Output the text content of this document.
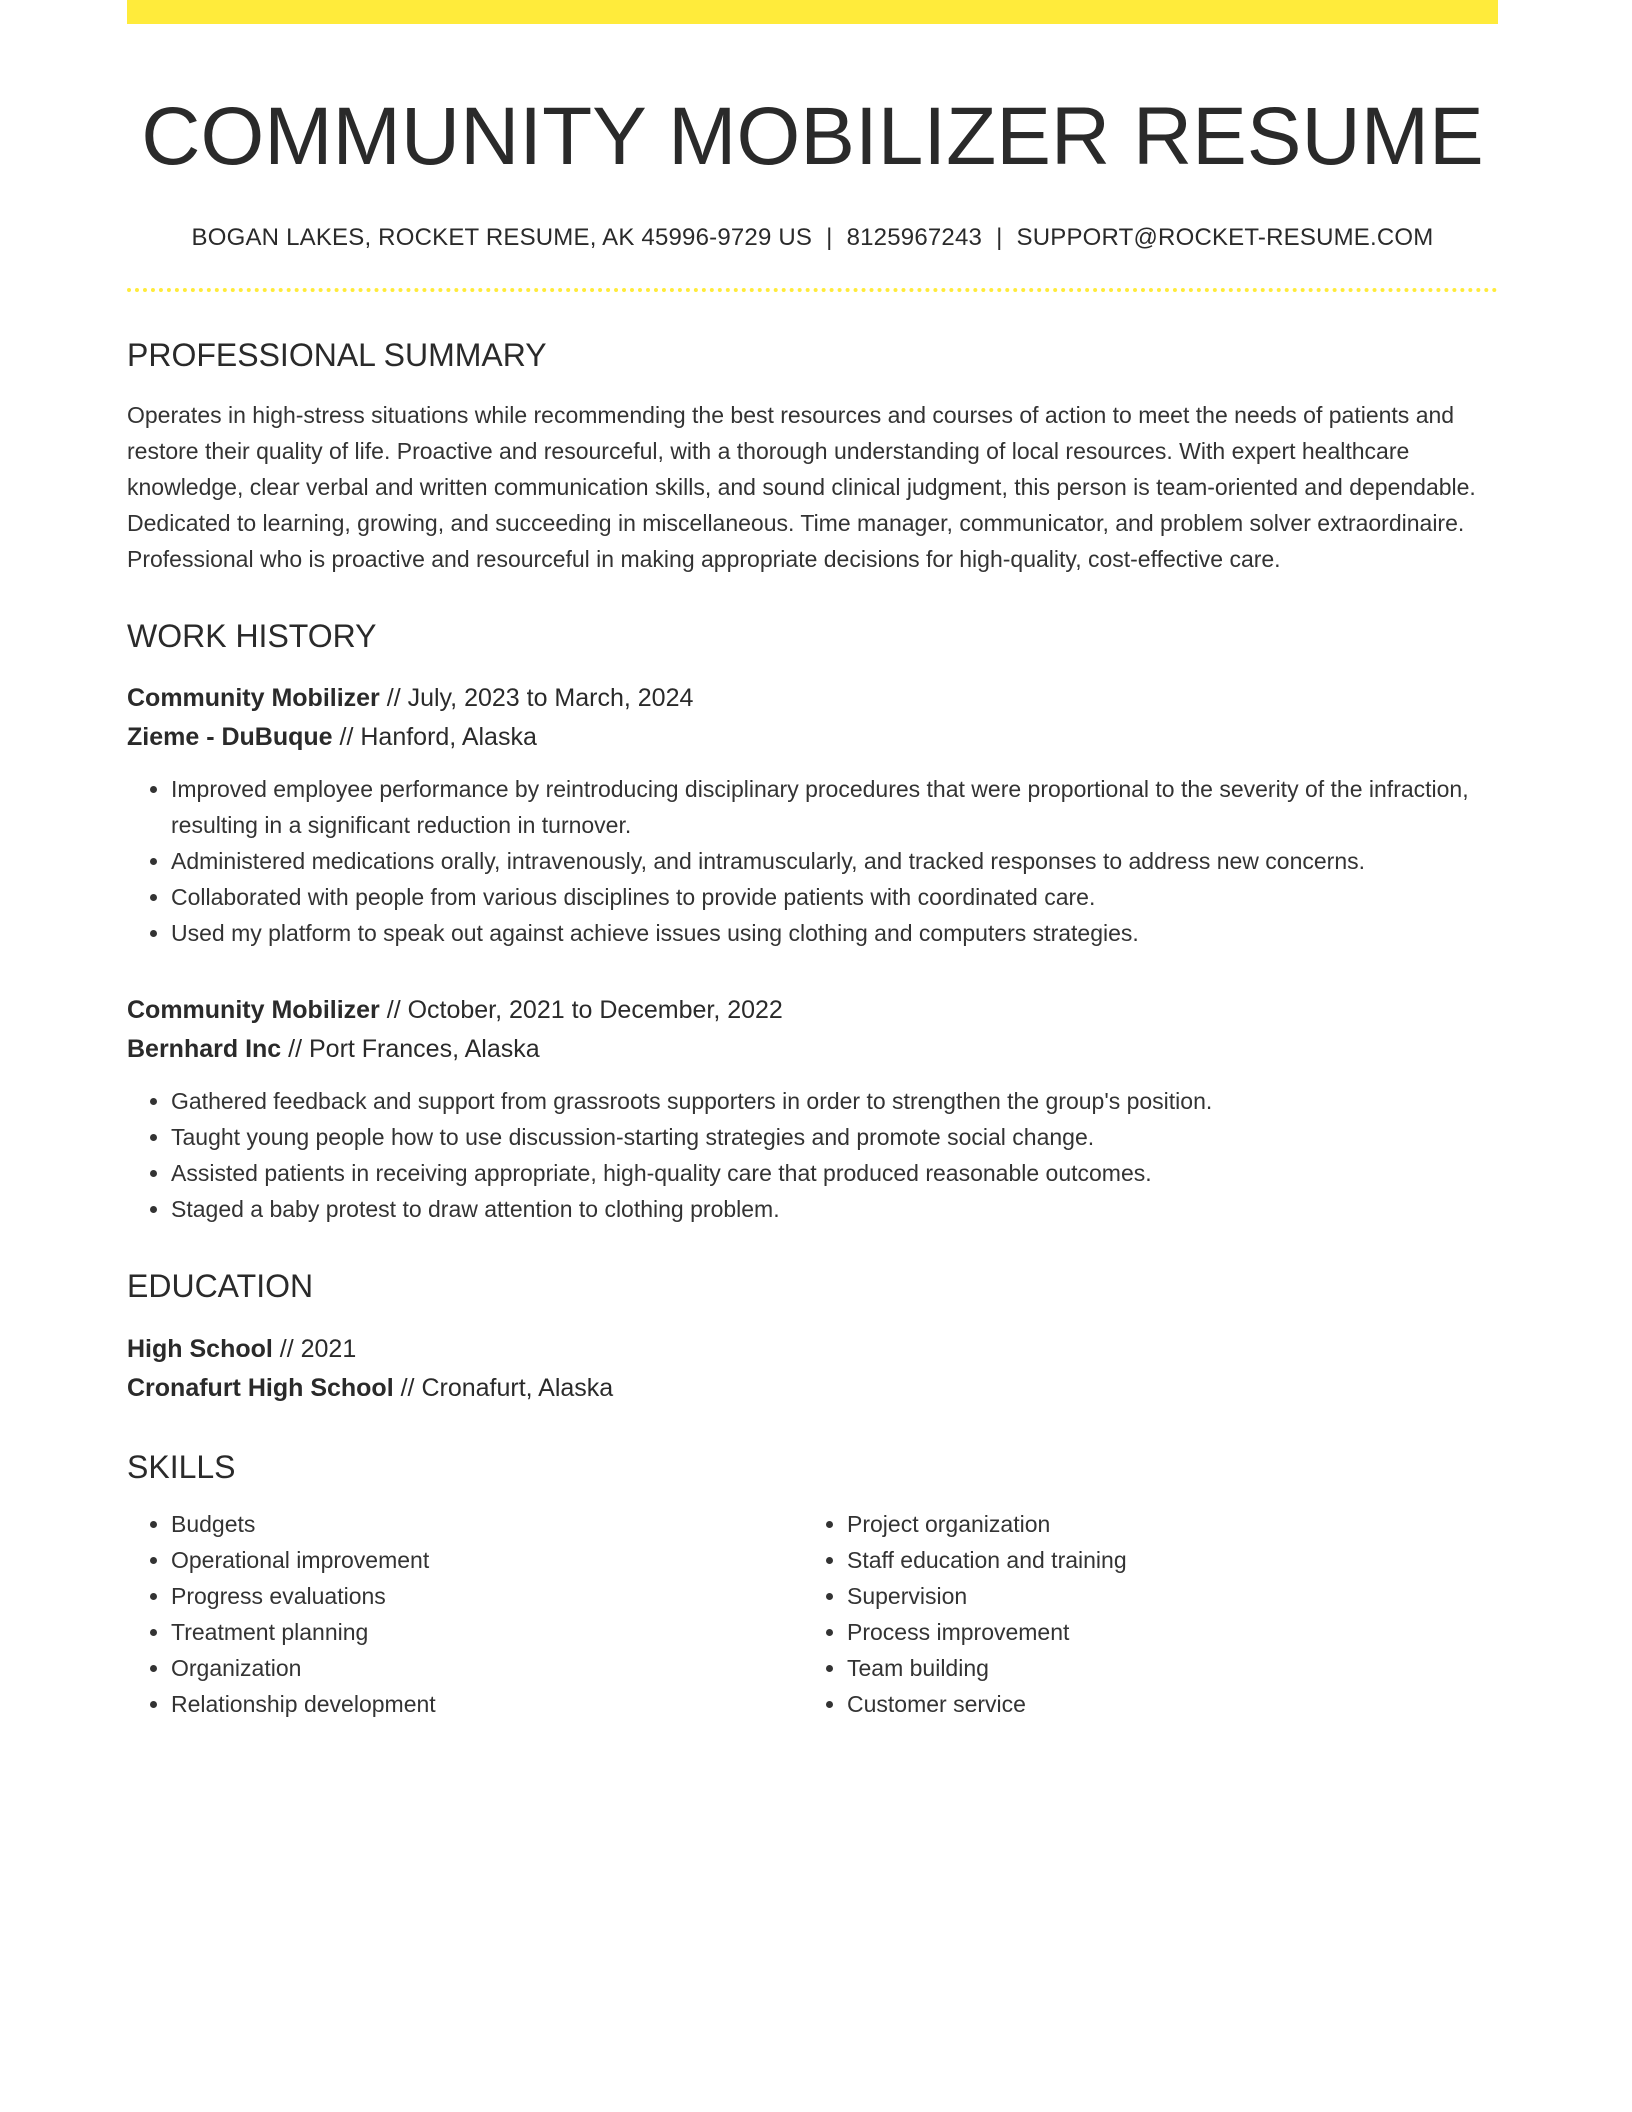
COMMUNITY MOBILIZER RESUME
BOGAN LAKES, ROCKET RESUME, AK 45996-9729 US | 8125967243 | SUPPORT@ROCKET-RESUME.COM
PROFESSIONAL SUMMARY

Operates in high-stress situations while recommending the best resources and courses of action to meet the needs of patients and restore their quality of life. Proactive and resourceful, with a thorough understanding of local resources. With expert healthcare knowledge, clear verbal and written communication skills, and sound clinical judgment, this person is team-oriented and dependable. Dedicated to learning, growing, and succeeding in miscellaneous. Time manager, communicator, and problem solver extraordinaire. Professional who is proactive and resourceful in making appropriate decisions for high-quality, cost-effective care.

WORK HISTORY
Community Mobilizer // July, 2023 to March, 2024
Zieme - DuBuque // Hanford, Alaska
• Improved employee performance by reintroducing disciplinary procedures that were proportional to the severity of the infraction, resulting in a significant reduction in turnover.
• Administered medications orally, intravenously, and intramuscularly, and tracked responses to address new concerns.
• Collaborated with people from various disciplines to provide patients with coordinated care.
• Used my platform to speak out against achieve issues using clothing and computers strategies.
Community Mobilizer // October, 2021 to December, 2022
Bernhard Inc // Port Frances, Alaska
• Gathered feedback and support from grassroots supporters in order to strengthen the group's position.
• Taught young people how to use discussion-starting strategies and promote social change.
• Assisted patients in receiving appropriate, high-quality care that produced reasonable outcomes.
• Staged a baby protest to draw attention to clothing problem.
EDUCATION
High School // 2021
Cronafurt High School // Cronafurt, Alaska
SKILLS
• Budgets
• Operational improvement
• Progress evaluations
• Treatment planning
• Organization
• Relationship development
• Project organization
• Staff education and training
• Supervision
• Process improvement
• Team building
• Customer service
